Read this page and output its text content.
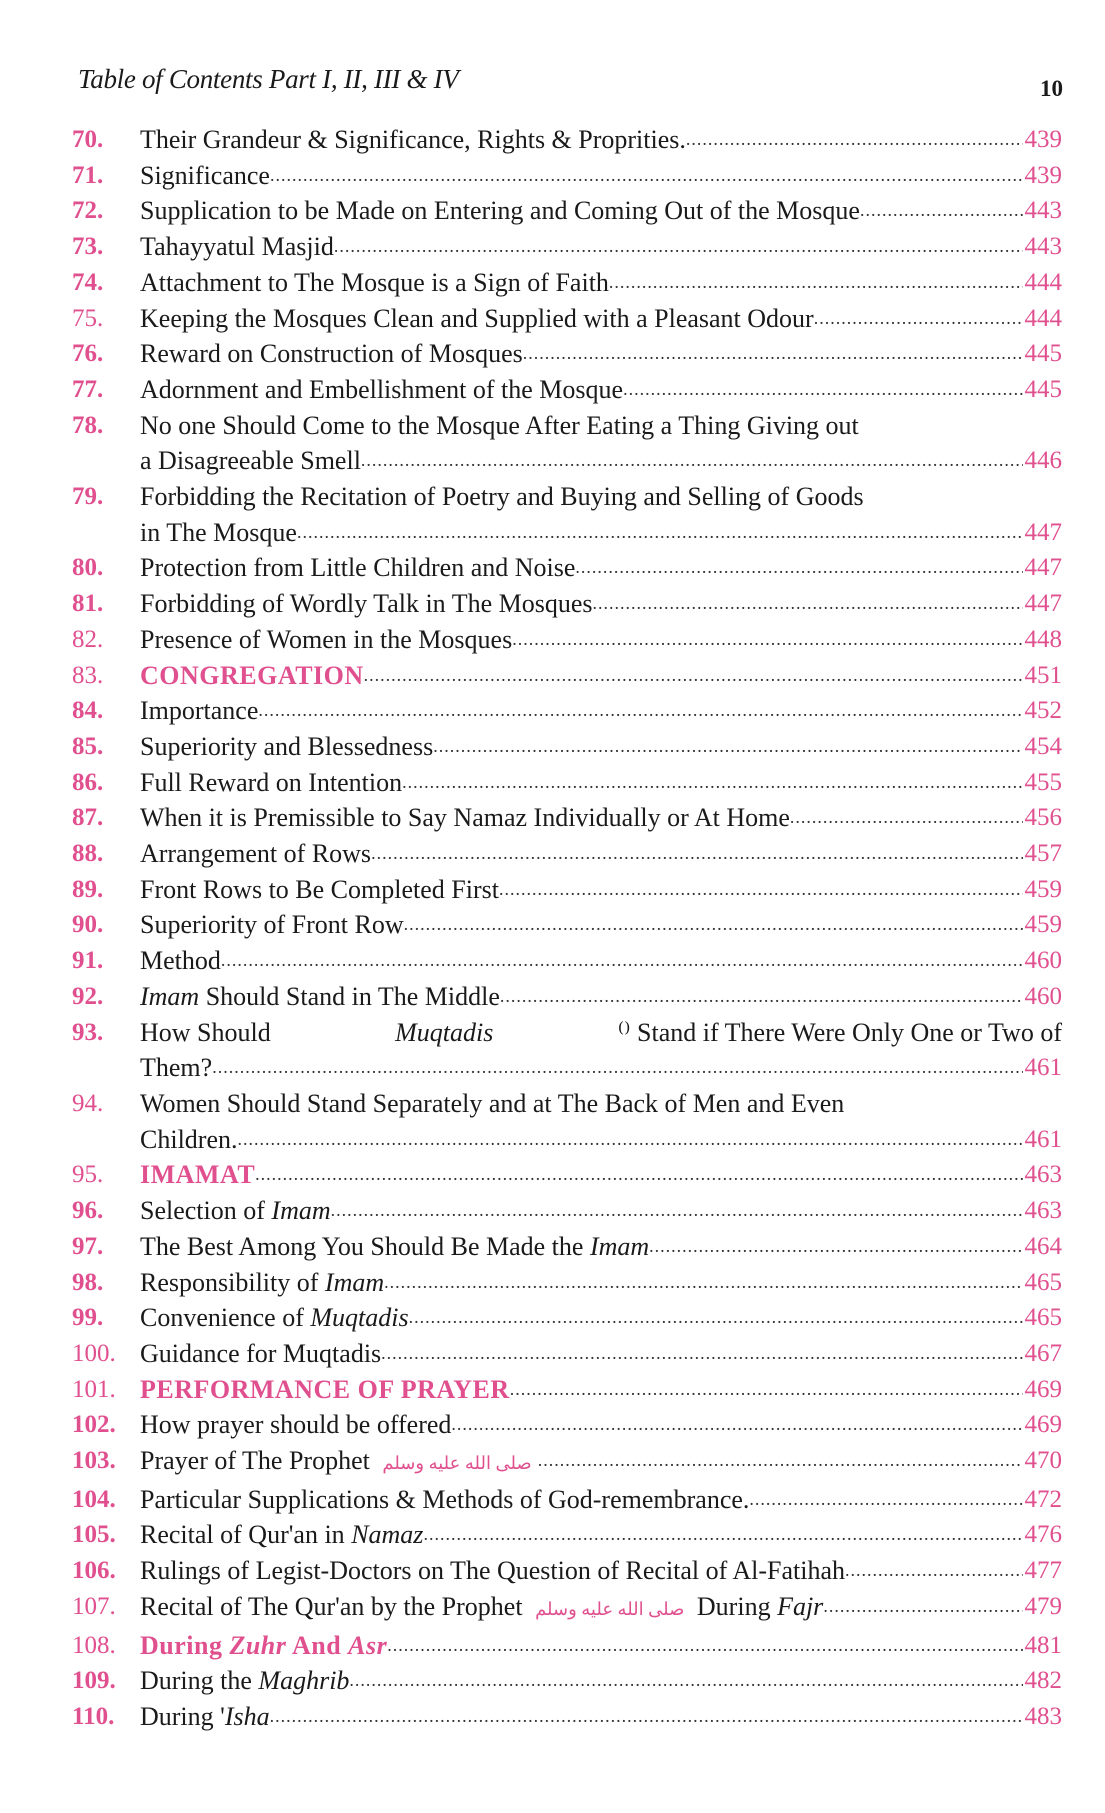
Table of Contents Part I, II, III & IV	10
70.	Their Grandeur & Significance, Rights & Proprities. .....	439
71.	Significance .....	439
72.	Supplication to be Made on Entering and Coming Out of the Mosque .....	443
73.	Tahayyatul Masjid .....	443
74.	Attachment to The Mosque is a Sign of Faith .....	444
75.	Keeping the Mosques Clean and Supplied with a Pleasant Odour .....	444
76.	Reward on Construction of Mosques .....	445
77.	Adornment and Embellishment of the Mosque .....	445
78.	No one Should Come to the Mosque After Eating a Thing Giving out
a Disagreeable Smell .....	446
79.	Forbidding the Recitation of Poetry and Buying and Selling of Goods
in The Mosque .....	447
80.	Protection from Little Children and Noise .....	447
81.	Forbidding of Wordly Talk in The Mosques .....	447
82.	Presence of Women in the Mosques .....	448
83.	CONGREGATION .....	451
84.	Importance .....	452
85.	Superiority and Blessedness .....	454
86.	Full Reward on Intention .....	455
87.	When it is Premissible to Say Namaz Individually or At Home .....	456
88.	Arrangement of Rows .....	457
89.	Front Rows to Be Completed First .....	459
90.	Superiority of Front Row .....	459
91.	Method .....	460
92.	Imam Should Stand in The Middle .....	460
93.	How Should	Muqtadis	⁽⁾ Stand if There Were Only One or Two of
Them? .....	461
94.	Women Should Stand Separately and at The Back of Men and Even
Children. .....	461
95.	IMAMAT .....	463
96.	Selection of Imam .....	463
97.	The Best Among You Should Be Made the Imam .....	464
98.	Responsibility of Imam .....	465
99.	Convenience of Muqtadis .....	465
100. Guidance for Muqtadis .....	467
101. PERFORMANCE OF PRAYER .....	469
102. How prayer should be offered .....	469
103. Prayer of The Prophet صلى الله عليه وسلم .....	470
104. Particular Supplications & Methods of God-remembrance. .....	472
105. Recital of Qur'an in Namaz .....	476
106. Rulings of Legist-Doctors on The Question of Recital of Al-Fatihah .....	477
107. Recital of The Qur'an by the Prophet صلى الله عليه وسلم During Fajr .....	479
108. During Zuhr And Asr .....	481
109. During the Maghrib .....	482
110. During 'Isha .....	483
